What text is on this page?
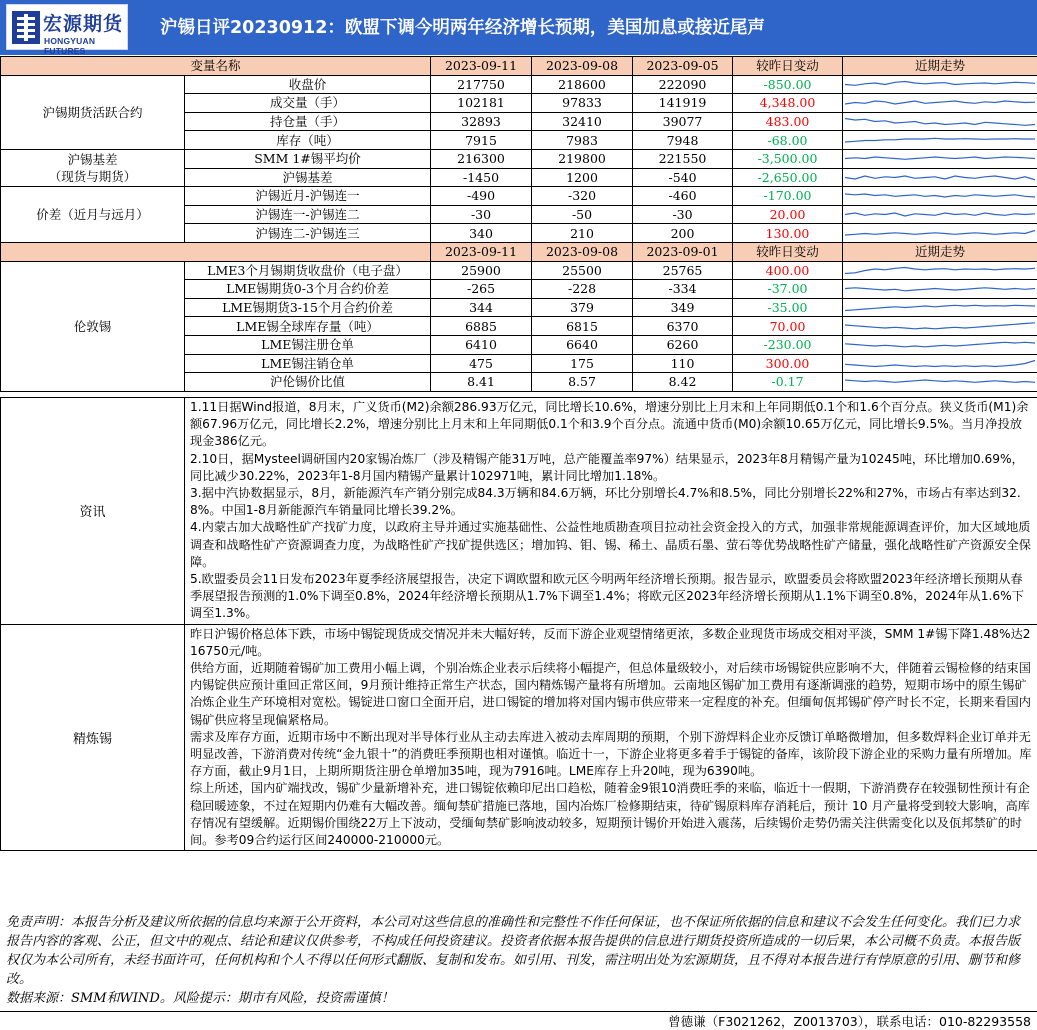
宏源期货
HONGYUAN FUTURES
沪锡日评20230912：欧盟下调今明两年经济增长预期，美国加息或接近尾声
变量名称		2023-09-11	2023-09-08	2023-09-05	较昨日变动	近期走势
沪锡期货活跃合约	收盘价	217750	218600	222090	-850.00	

	成交量（手）	102181	97833	141919	4,348.00	

	持仓量（手）	32893	32410	39077	483.00	

	库存（吨）	7915	7983	7948	-68.00	

沪锡基差
（现货与期货）	SMM 1#锡平均价	216300	219800	221550	-3,500.00	

	沪锡基差	-1450	1200	-540	-2,650.00	

价差（近月与远月）	沪锡近月-沪锡连一	-490	-320	-460	-170.00	

	沪锡连一-沪锡连二	-30	-50	-30	20.00	

	沪锡连二-沪锡连三	340	210	200	130.00	

		2023-09-11	2023-09-08	2023-09-01	较昨日变动	近期走势
伦敦锡	LME3个月锡期货收盘价（电子盘）	25900	25500	25765	400.00	

	LME锡期货0-3个月合约价差	-265	-228	-334	-37.00	

	LME锡期货3-15个月合约价差	344	379	349	-35.00	

	LME锡全球库存量（吨）	6885	6815	6370	70.00	

	LME锡注册仓单	6410	6640	6260	-230.00	

	LME锡注销仓单	475	175	110	300.00	

	沪伦锡价比值	8.41	8.57	8.42	-0.17	
资讯	1.11日据Wind报道，8月末，广义货币(M2)余额286.93万亿元，同比增长10.6%，增速分别比上月末和上年同期低0.1个和1.6个百分点。狭义货币(M1)余额67.96万亿元，同比增长2.2%，增速分别比上月末和上年同期低0.1个和3.9个百分点。流通中货币(M0)余额10.65万亿元，同比增长9.5%。当月净投放现金386亿元。

2.10日，据Mysteel调研国内20家锡冶炼厂（涉及精锡产能31万吨，总产能覆盖率97%）结果显示，2023年8月精锡产量为10245吨，环比增加0.69%，同比减少30.22%，2023年1-8月国内精锡产量累计102971吨，累计同比增加1.18%。

3.据中汽协数据显示，8月，新能源汽车产销分别完成84.3万辆和84.6万辆，环比分别增长4.7%和8.5%，同比分别增长22%和27%，市场占有率达到32.8%。中国1-8月新能源汽车销量同比增长39.2%。

4.内蒙古加大战略性矿产找矿力度，以政府主导并通过实施基础性、公益性地质勘查项目拉动社会资金投入的方式，加强非常规能源调查评价，加大区域地质调查和战略性矿产资源调查力度，为战略性矿产找矿提供选区；增加钨、钼、锡、稀土、晶质石墨、萤石等优势战略性矿产储量，强化战略性矿产资源安全保障。

5.欧盟委员会11日发布2023年夏季经济展望报告，决定下调欧盟和欧元区今明两年经济增长预期。报告显示，欧盟委员会将欧盟2023年经济增长预期从春季展望报告预测的1.0%下调至0.8%，2024年经济增长预期从1.7%下调至1.4%；将欧元区2023年经济增长预期从1.1%下调至0.8%，2024年从1.6%下调至1.3%。

精炼锡	昨日沪锡价格总体下跌，市场中锡锭现货成交情况并未大幅好转，反而下游企业观望情绪更浓，多数企业现货市场成交相对平淡，SMM 1#锡下降1.48%达216750元/吨。

供给方面，近期随着锡矿加工费用小幅上调，个别冶炼企业表示后续将小幅提产，但总体量级较小，对后续市场锡锭供应影响不大，伴随着云锡检修的结束国内锡锭供应预计重回正常区间，9月预计维持正常生产状态，国内精炼锡产量将有所增加。云南地区锡矿加工费用有逐渐调涨的趋势，短期市场中的原生锡矿冶炼企业生产环境相对宽松。锡锭进口窗口全面开启，进口锡锭的增加将对国内锡市供应带来一定程度的补充。但缅甸佤邦锡矿停产时长不定，长期来看国内锡矿供应将呈现偏紧格局。

需求及库存方面，近期市场中不断出现对半导体行业从主动去库进入被动去库周期的预期，个别下游焊料企业亦反馈订单略微增加，但多数焊料企业订单并无明显改善，下游消费对传统“金九银十”的消费旺季预期也相对谨慎。临近十一，下游企业将更多着手于锡锭的备库，该阶段下游企业的采购力量有所增加。库存方面，截止9月1日，上期所期货注册仓单增加35吨，现为7916吨。LME库存上升20吨，现为6390吨。

综上所述，国内矿端找改，锡矿少量新增补充，进口锡锭依赖印尼出口趋松，随着金9银10消费旺季的来临，临近十一假期，下游消费存在较强韧性预计有企稳回暖迹象，不过在短期内仍难有大幅改善。缅甸禁矿措施已落地，国内冶炼厂检修期结束，待矿锡原料库存消耗后，预计 10 月产量将受到较大影响，高库存情况有望缓解。近期锡价围绕22万上下波动，受缅甸禁矿影响波动较多，短期预计锡价开始进入震荡，后续锡价走势仍需关注供需变化以及佤邦禁矿的时间。参考09合约运行区间240000-210000元。

免责声明：本报告分析及建议所依据的信息均来源于公开资料，本公司对这些信息的准确性和完整性不作任何保证，也不保证所依据的信息和建议不会发生任何变化。我们已力求报告内容的客观、公正，但文中的观点、结论和建议仅供参考，不构成任何投资建议。投资者依据本报告提供的信息进行期货投资所造成的一切后果，本公司概不负责。本报告版权仅为本公司所有，未经书面许可，任何机构和个人不得以任何形式翻版、复制和发布。如引用、刊发，需注明出处为宏源期货，且不得对本报告进行有悖原意的引用、删节和修改。

数据来源：SMM和WIND。风险提示：期市有风险，投资需谨慎！

曾德谦（F3021262，Z0013703），联系电话：010-82293558
